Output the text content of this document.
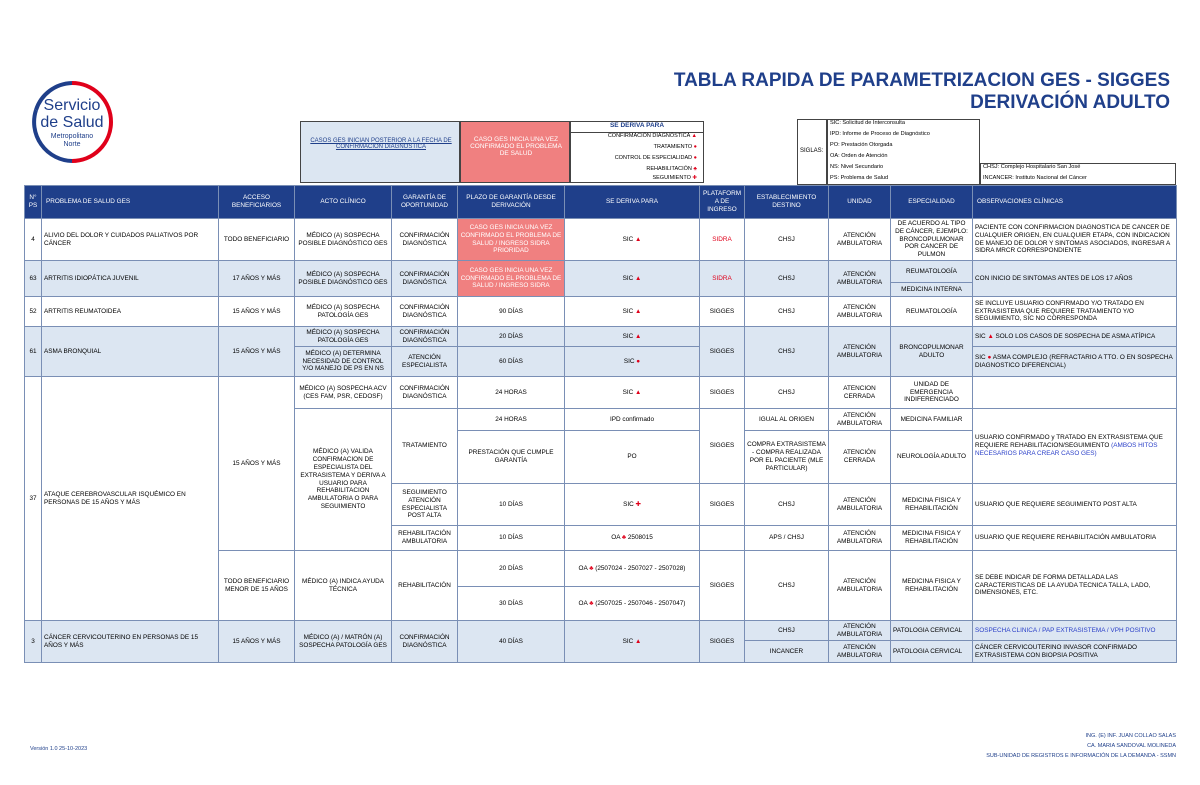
Servicio
de Salud
Metropolitano
Norte
TABLA RAPIDA DE PARAMETRIZACION GES - SIGGES
DERIVACIÓN ADULTO
CASOS GES INICIAN POSTERIOR A LA FECHA DE CONFIRMACION DIAGNOSTICA
CASO GES INICIA UNA VEZ CONFIRMADO EL PROBLEMA DE SALUD
SE DERIVA PARA
CONFIRMACIÓN DIAGNÓSTICA ▲
TRATAMIENTO ●
CONTROL DE ESPECIALIDAD ●
REHABILITACIÓN ♣
SEGUIMIENTO ✚
SIGLAS:
SIC: Solicitud de Interconsulta
IPD: Informe de Proceso de Diagnóstico
PO: Prestación Otorgada
OA: Orden de Atención
NS: Nivel Secundario
PS: Problema de Salud
CHSJ: Complejo Hospitalario San José
INCANCER: Instituto Nacional del Cáncer
N° PS	PROBLEMA DE SALUD GES	ACCESO BENEFICIARIOS	ACTO CLÍNICO	GARANTÍA DE OPORTUNIDAD	PLAZO DE GARANTÍA DESDE DERIVACIÓN	SE DERIVA PARA	PLATAFORMA DE INGRESO	ESTABLECIMIENTO DESTINO	UNIDAD	ESPECIALIDAD	OBSERVACIONES CLÍNICAS
4	ALIVIO DEL DOLOR Y CUIDADOS PALIATIVOS POR CÁNCER	TODO BENEFICIARIO	MÉDICO (A) SOSPECHA POSIBLE DIAGNÓSTICO GES	CONFIRMACIÓN DIAGNÓSTICA	CASO GES INICIA UNA VEZ CONFIRMADO EL PROBLEMA DE SALUD / INGRESO SIDRA PRIORIDAD	SIC ▲	SIDRA	CHSJ	ATENCIÓN AMBULATORIA	DE ACUERDO AL TIPO DE CÁNCER, EJEMPLO: BRONCOPULMONAR POR CANCER DE PULMON	PACIENTE CON CONFIRMACION DIAGNOSTICA DE CANCER DE CUALQUIER ORIGEN, EN CUALQUIER ETAPA, CON INDICACION DE MANEJO DE DOLOR Y SINTOMAS ASOCIADOS, INGRESAR A SIDRA MRCR CORRESPONDIENTE
63	ARTRITIS IDIOPÁTICA JUVENIL	17 AÑOS Y MÁS	MÉDICO (A) SOSPECHA POSIBLE DIAGNÓSTICO GES	CONFIRMACIÓN DIAGNÓSTICA	CASO GES INICIA UNA VEZ CONFIRMADO EL PROBLEMA DE SALUD / INGRESO SIDRA	SIC ▲	SIDRA	CHSJ	ATENCIÓN AMBULATORIA	REUMATOLOGÍA	CON INICIO DE SINTOMAS ANTES DE LOS 17 AÑOS
										MEDICINA INTERNA	
52	ARTRITIS REUMATOIDEA	15 AÑOS Y MÁS	MÉDICO (A) SOSPECHA PATOLOGÍA GES	CONFIRMACIÓN DIAGNÓSTICA	90 DÍAS	SIC ▲	SIGGES	CHSJ	ATENCIÓN AMBULATORIA	REUMATOLOGÍA	SE INCLUYE USUARIO CONFIRMADO Y/O TRATADO EN EXTRASISTEMA QUE REQUIERE TRATAMIENTO Y/O SEGUIMIENTO, SIC NO CORRESPONDA
61	ASMA BRONQUIAL	15 AÑOS Y MÁS	MÉDICO (A) SOSPECHA PATOLOGÍA GES	CONFIRMACIÓN DIAGNÓSTICA	20 DÍAS	SIC ▲	SIGGES	CHSJ	ATENCIÓN AMBULATORIA	BRONCOPULMONAR ADULTO	SIC ▲ SOLO LOS CASOS DE SOSPECHA DE ASMA ATÍPICA
			MÉDICO (A) DETERMINA NECESIDAD DE CONTROL Y/O MANEJO DE PS EN NS	ATENCIÓN ESPECIALISTA	60 DÍAS	SIC ●					SIC ● ASMA COMPLEJO (REFRACTARIO A TTO. O EN SOSPECHA DIAGNOSTICO DIFERENCIAL)
37	ATAQUE CEREBROVASCULAR ISQUÉMICO EN PERSONAS DE 15 AÑOS Y MÁS	15 AÑOS Y MÁS	MÉDICO (A) SOSPECHA ACV (CES FAM, PSR, CEDOSF)	CONFIRMACIÓN DIAGNÓSTICA	24 HORAS	SIC ▲	SIGGES	CHSJ	ATENCION CERRADA	UNIDAD DE EMERGENCIA INDIFERENCIADO	
			MÉDICO (A) VALIDA CONFIRMACION DE ESPECIALISTA DEL EXTRASISTEMA Y DERIVA A USUARIO PARA REHABILITACION AMBULATORIA O PARA SEGUIMIENTO	TRATAMIENTO	24 HORAS	IPD confirmado	SIGGES	IGUAL AL ORIGEN	ATENCIÓN AMBULATORIA	MEDICINA FAMILIAR	USUARIO CONFIRMADO y TRATADO EN EXTRASISTEMA QUE REQUIERE REHABILITACION/SEGUIMIENTO (AMBOS HITOS NECESARIOS PARA CREAR CASO GES)
					PRESTACIÓN QUE CUMPLE GARANTÍA	PO		COMPRA EXTRASISTEMA - COMPRA REALIZADA POR EL PACIENTE (MLE PARTICULAR)	ATENCIÓN CERRADA	NEUROLOGÍA ADULTO	
				SEGUIMIENTO ATENCIÓN ESPECIALISTA POST ALTA	10 DÍAS	SIC ✚	SIGGES	CHSJ	ATENCIÓN AMBULATORIA	MEDICINA FISICA Y REHABILITACIÓN	USUARIO QUE REQUIERE SEGUIMIENTO POST ALTA
				REHABILITACIÓN AMBULATORIA	10 DÍAS	OA ♣ 2508015		APS / CHSJ	ATENCIÓN AMBULATORIA	MEDICINA FISICA Y REHABILITACIÓN	USUARIO QUE REQUIERE REHABILITACIÓN AMBULATORIA
		TODO BENEFICIARIO MENOR DE 15 AÑOS	MÉDICO (A) INDICA AYUDA TÉCNICA	REHABILITACIÓN	20 DÍAS	OA ♣ (2507024 - 2507027 - 2507028)	SIGGES	CHSJ	ATENCIÓN AMBULATORIA	MEDICINA FISICA Y REHABILITACIÓN	SE DEBE INDICAR DE FORMA DETALLADA LAS CARACTERISTICAS DE LA AYUDA TECNICA TALLA, LADO, DIMENSIONES, ETC.
					30 DÍAS	OA ♣ (2507025 - 2507046 - 2507047)					
3	CÁNCER CERVICOUTERINO EN PERSONAS DE 15 AÑOS Y MÁS	15 AÑOS Y MÁS	MÉDICO (A) / MATRÓN (A) SOSPECHA PATOLOGÍA GES	CONFIRMACIÓN DIAGNÓSTICA	40 DÍAS	SIC ▲	SIGGES	CHSJ	ATENCIÓN AMBULATORIA	PATOLOGIA CERVICAL	SOSPECHA CLINICA / PAP EXTRASISTEMA / VPH POSITIVO
								INCANCER	ATENCIÓN AMBULATORIA	PATOLOGIA CERVICAL	CÁNCER CERVICOUTERINO INVASOR CONFIRMADO EXTRASISTEMA CON BIOPSIA POSITIVA
Versión 1.0 25-10-2023
ING. (E) INF. JUAN COLLAO SALAS
CA. MARIA SANDOVAL MOLINEDA
SUB-UNIDAD DE REGISTROS E INFORMACIÓN DE LA DEMANDA - SSMN
